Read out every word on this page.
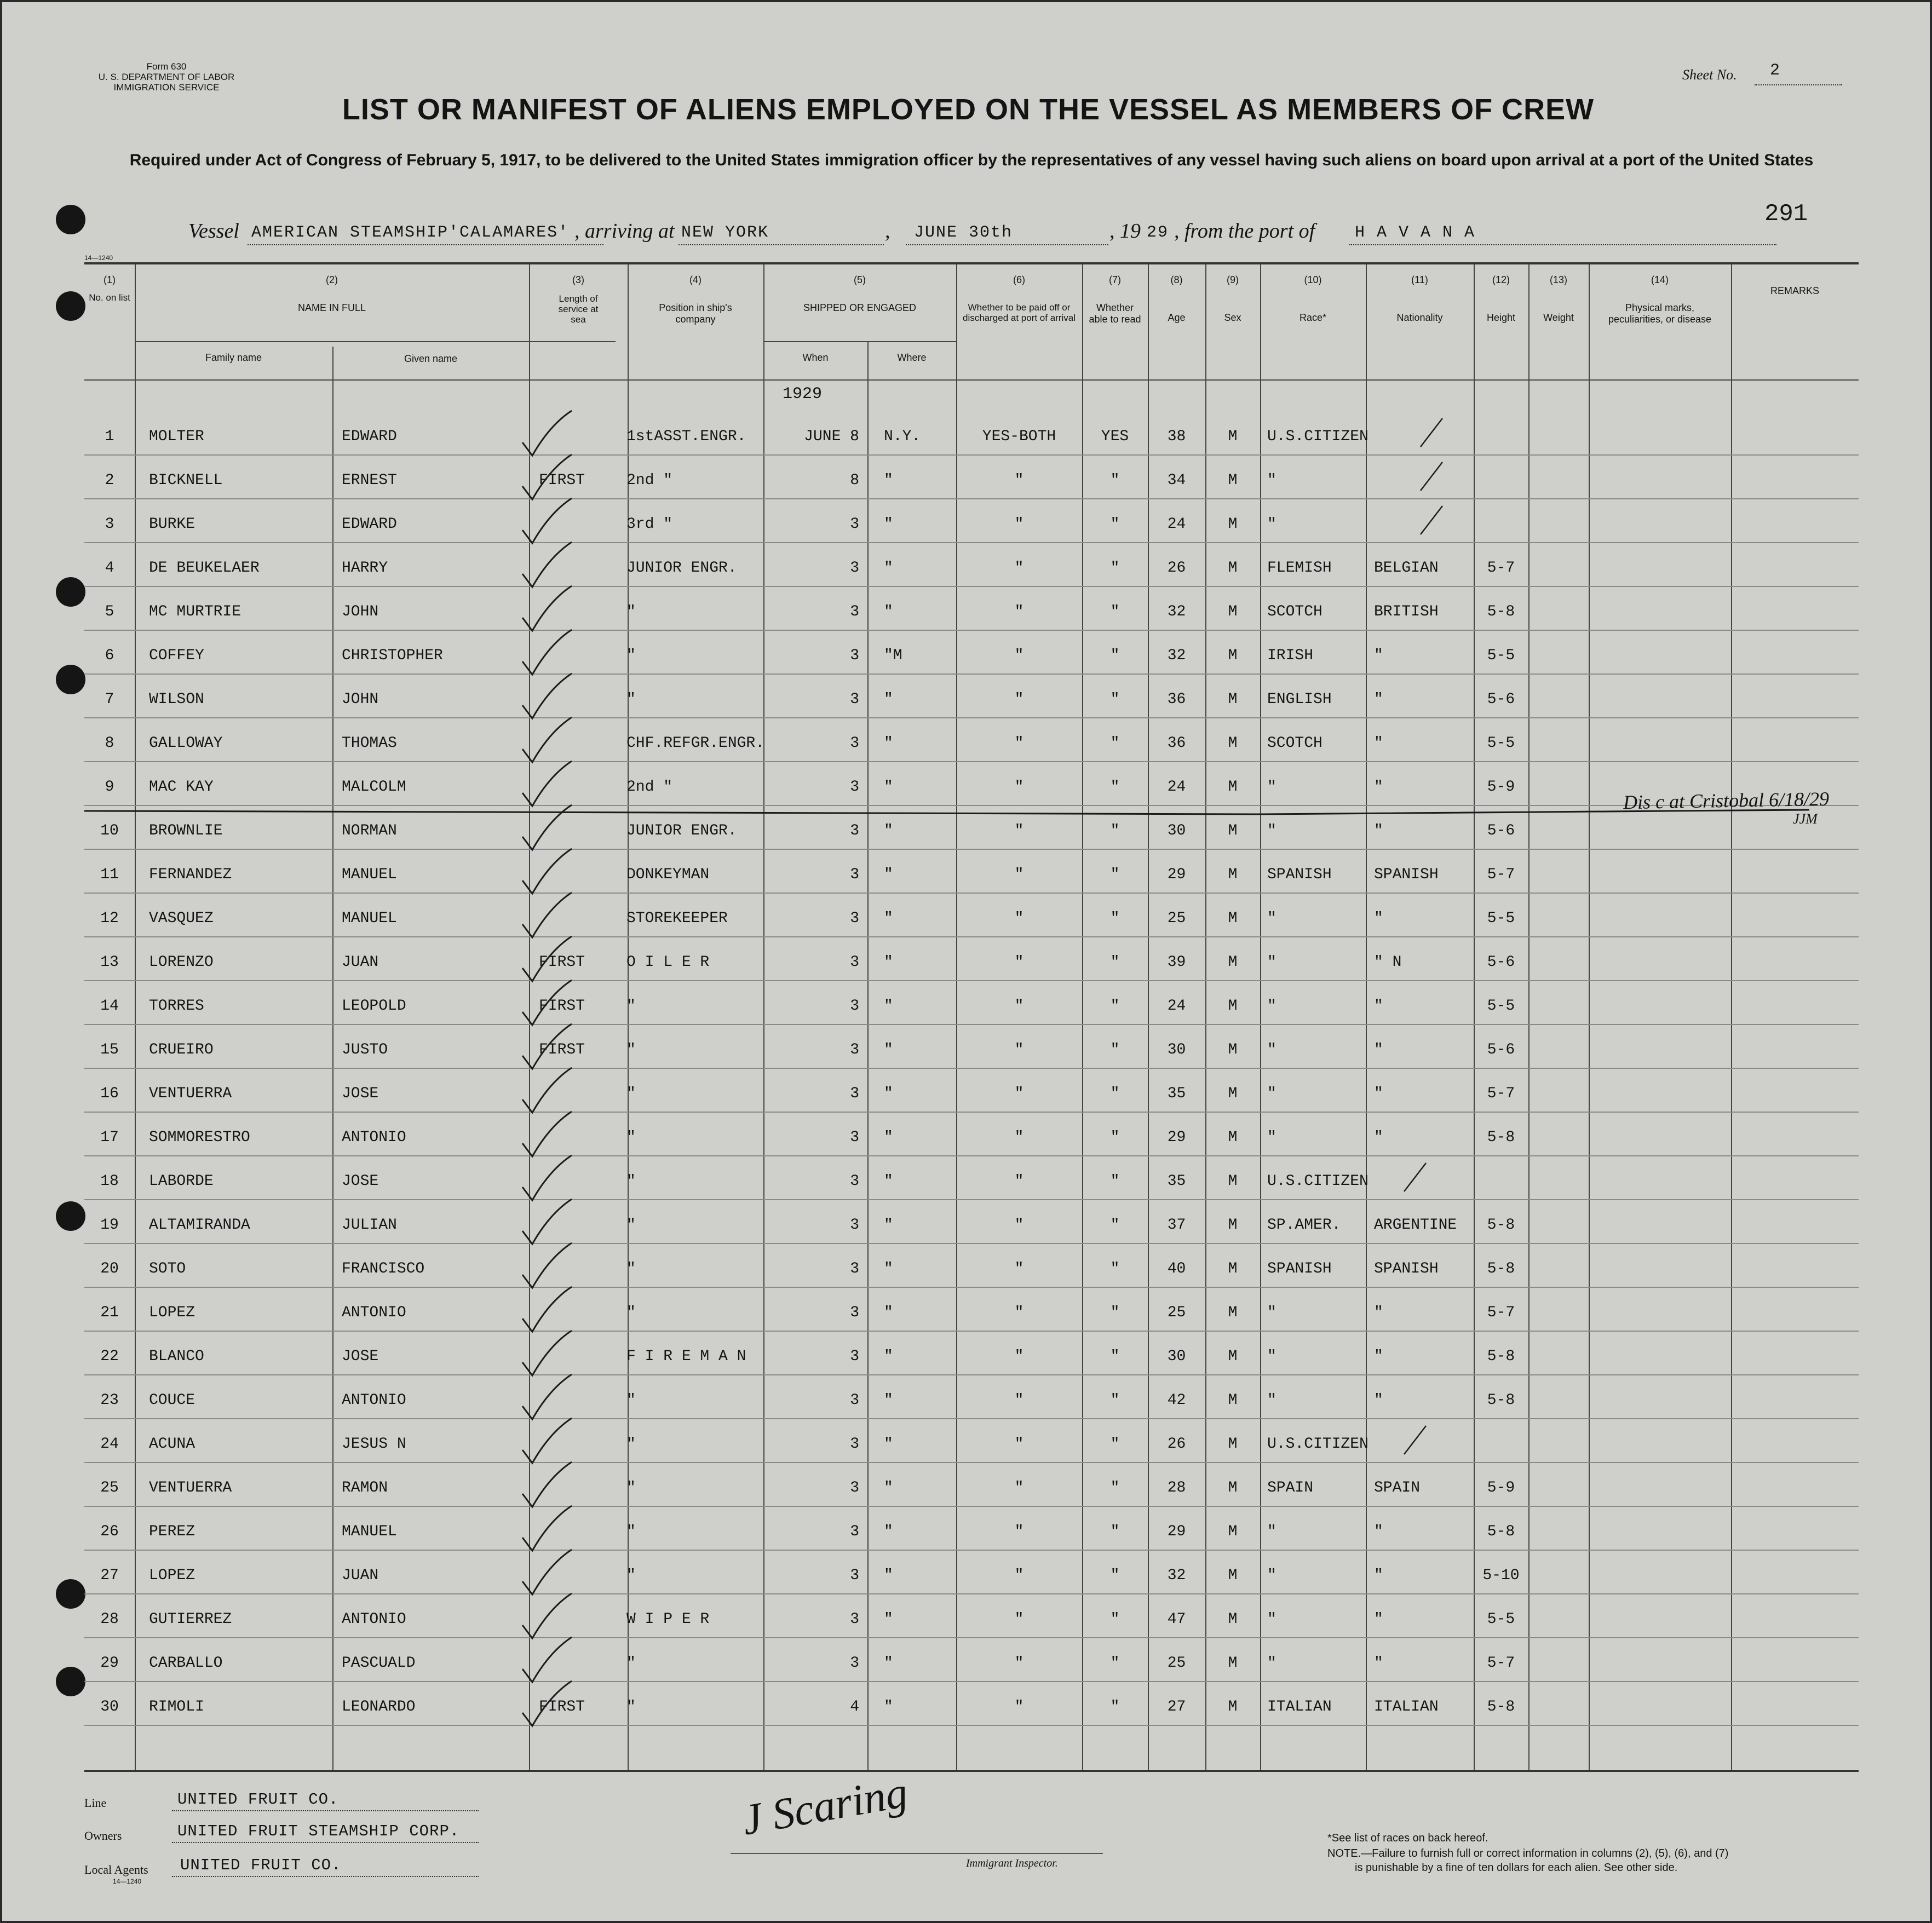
Form 630
U. S. DEPARTMENT OF LABOR
IMMIGRATION SERVICE
Sheet No. 2
LIST OR MANIFEST OF ALIENS EMPLOYED ON THE VESSEL AS MEMBERS OF CREW
Required under Act of Congress of February 5, 1917, to be delivered to the United States immigration officer by the representatives of any vessel having such aliens on board upon arrival at a port of the United States
291
Vessel AMERICAN STEAMSHIP'CALAMARES' , arriving at NEW YORK	, JUNE 30th	, 19 29 , from the port of H A V A N A
14—1240
(1)
No. on list
(2)
NAME IN FULL
Family name	Given name
(3)
Length of service at sea
(4)
Position in ship's company
(5)
SHIPPED OR ENGAGED
When	Where
(6)
Whether to be paid off or discharged at port of arrival
(7)
Whether able to read
(8)
Age
(9)
Sex
(10)
Race*
(11)
Nationality
(12)
Height
(13)
Weight
(14)
Physical marks, peculiarities, or disease
REMARKS
1929
1	MOLTER	EDWARD	1stASST.ENGR.	JUNE 8 N.Y.	YES-BOTH	YES	38	M	U.S.CITIZEN
2	BICKNELL	ERNEST	FIRST	2nd "	8 "	"	"	34	M	"
3	BURKE	EDWARD	3rd "	3 "	"	"	24	M	"
4	DE BEUKELAER	HARRY	JUNIOR ENGR.	3 "	"	"	26	M	FLEMISH	BELGIAN	5-7
5	MC MURTRIE	JOHN	"	3 "	"	"	32	M	SCOTCH	BRITISH	5-8
6	COFFEY	CHRISTOPHER	"	3 "M	"	"	32	M	IRISH	"	5-5
7	WILSON	JOHN	"	3 "	"	"	36	M	ENGLISH	"	5-6
8	GALLOWAY	THOMAS	CHF.REFGR.ENGR.	3 "	"	"	36	M	SCOTCH	"	5-5
9	MAC KAY	MALCOLM	2nd "	3 "	"	"	24	M	"	"	5-9
10	BROWNLIE	NORMAN	JUNIOR ENGR.	3 "	"	"	30	M	"	"	5-6
11	FERNANDEZ	MANUEL	DONKEYMAN	3 "	"	"	29	M	SPANISH	SPANISH	5-7
12	VASQUEZ	MANUEL	STOREKEEPER	3 "	"	"	25	M	"	"	5-5
13	LORENZO	JUAN	FIRST	O I L E R	3 "	"	"	39	M	"	" N	5-6
14	TORRES	LEOPOLD	FIRST	"	3 "	"	"	24	M	"	"	5-5
15	CRUEIRO	JUSTO	FIRST	"	3 "	"	"	30	M	"	"	5-6
16	VENTUERRA	JOSE	"	3 "	"	"	35	M	"	"	5-7
17	SOMMORESTRO	ANTONIO	"	3 "	"	"	29	M	"	"	5-8
18	LABORDE	JOSE	"	3 "	"	"	35	M	U.S.CITIZEN
19	ALTAMIRANDA	JULIAN	"	3 "	"	"	37	M	SP.AMER. ARGENTINE	5-8
20	SOTO	FRANCISCO	"	3 "	"	"	40	M	SPANISH	SPANISH	5-8
21	LOPEZ	ANTONIO	"	3 "	"	"	25	M	"	"	5-7
22	BLANCO	JOSE	F I R E M A N	3 "	"	"	30	M	"	"	5-8
23	COUCE	ANTONIO	"	3 "	"	"	42	M	"	"	5-8
24	ACUNA	JESUS N	"	3 "	"	"	26	M	U.S.CITIZEN
25	VENTUERRA	RAMON	"	3 "	"	"	28	M	SPAIN	SPAIN	5-9
26	PEREZ	MANUEL	"	3 "	"	"	29	M	"	"	5-8
27	LOPEZ	JUAN	"	3 "	"	"	32	M	"	"	5-10
28	GUTIERREZ	ANTONIO	W I P E R	3 "	"	"	47	M	"	"	5-5
29	CARBALLO	PASCUALD	"	3 "	"	"	25	M	"	"	5-7
30	RIMOLI	LEONARDO	FIRST	"	4 "	"	"	27	M	ITALIAN	ITALIAN	5-8
Dis c at Cristobal 6/18/29
JJM
Line	UNITED FRUIT CO.
Owners	UNITED FRUIT STEAMSHIP CORP.
Local Agents UNITED FRUIT CO.
14—1240
J Scaring
Immigrant Inspector.
*See list of races on back hereof.
NOTE.—Failure to furnish full or correct information in columns (2), (5), (6), and (7)
is punishable by a fine of ten dollars for each alien. See other side.
